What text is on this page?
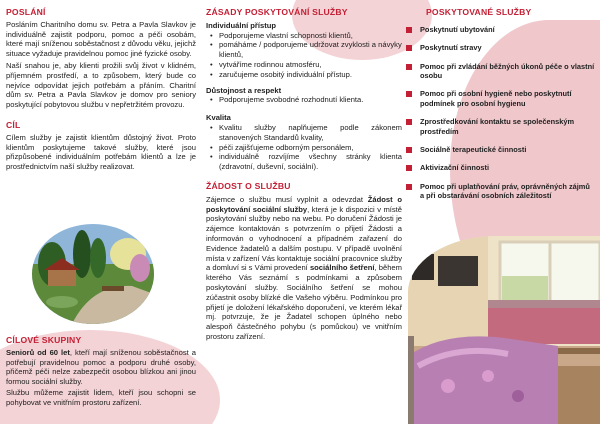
POSLÁNÍ
Posláním Charitního domu sv. Petra a Pavla Slavkov je individuálně zajistit podporu, pomoc a péči osobám, které mají sníženou soběstačnost z důvodu věku, jejichž situace vyžaduje pravidelnou pomoc jiné fyzické osoby.
Naší snahou je, aby klienti prožili svůj život v klidném, příjemném prostředí, a to způsobem, který bude co nejvíce odpovídat jejich potřebám a přáním. Charitní dům sv. Petra a Pavla Slavkov je domov pro seniory poskytující pobytovou službu v nepřetržitém provozu.
CÍL
Cílem služby je zajistit klientům důstojný život. Proto klientům poskytujeme takové služby, které jsou přizpůsobené individuálním potřebám klientů a lze je prostřednictvím naší služby realizovat.
CÍLOVÉ SKUPINY
Seniorů od 60 let, kteří mají sníženou soběstačnost a potřebují pravidelnou pomoc a podporu druhé osoby, přičemž péči nelze zabezpečit osobou blízkou ani jinou formou sociální služby.
Službu můžeme zajistit lidem, kteří jsou schopni se pohybovat ve vnitřním prostoru zařízení.
ZÁSADY POSKYTOVÁNÍ SLUŽBY
Individuální přístup
• Podporujeme vlastní schopnosti klientů,
• pomáháme / podporujeme udržovat zvyklosti a návyky klientů,
• vytváříme rodinnou atmosféru,
• zaručujeme osobitý individuální přístup.
Důstojnost a respekt
• Podporujeme svobodné rozhodnutí klienta.
Kvalita
• Kvalitu služby naplňujeme podle zákonem stanovených Standardů kvality,
• péči zajišťujeme odborným personálem,
• individuálně rozvíjíme všechny stránky klienta (zdravotní, duševní, sociální).
ŽÁDOST O SLUŽBU
Zájemce o službu musí vyplnit a odevzdat Žádost o poskytování sociální služby, která je k dispozici v místě poskytování služby nebo na webu. Po doručení Žádosti je zájemce kontaktován s potvrzením o přijetí Žádosti a informován o vyhodnocení a případném zařazení do Evidence žadatelů a dalším postupu. V případě uvolnění místa v zařízení Vás kontaktuje sociální pracovnice služby a domluví si s Vámi provedení sociálního šetření, během kterého Vás seznámí s podmínkami a způsobem poskytování služby. Sociálního šetření se mohou zúčastnit osoby blízké dle Vašeho výběru. Podmínkou pro přijetí je doložení lékařského doporučení, ve kterém lékař mj. potvrzuje, že je Žadatel schopen úplného nebo alespoň částečného pohybu (s pomůckou) ve vnitřním prostoru zařízení.
POSKYTOVANÉ SLUŽBY
Poskytnutí ubytování
Poskytnutí stravy
Pomoc při zvládání běžných úkonů péče o vlastní osobu
Pomoc při osobní hygieně nebo poskytnutí podmínek pro osobní hygienu
Zprostředkování kontaktu se společenským prostředím
Sociálně terapeutické činnosti
Aktivizační činnosti
Pomoc při uplatňování práv, oprávněných zájmů a při obstarávání osobních záležitostí
